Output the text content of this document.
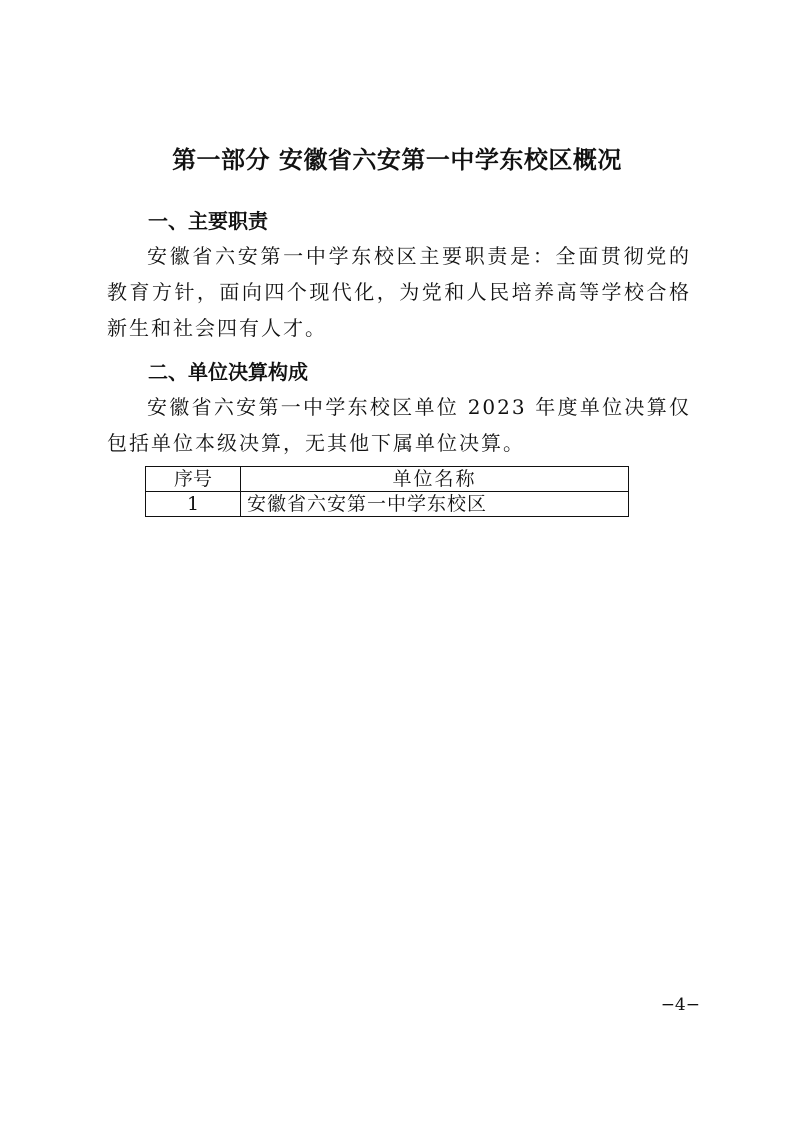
第一部分 安徽省六安第一中学东校区概况
一、主要职责
安徽省六安第一中学东校区主要职责是：全面贯彻党的教育方针，面向四个现代化，为党和人民培养高等学校合格新生和社会四有人才。
二、单位决算构成
安徽省六安第一中学东校区单位 2023 年度单位决算仅包括单位本级决算，无其他下属单位决算。
序号	单位名称
1	安徽省六安第一中学东校区
−4−
